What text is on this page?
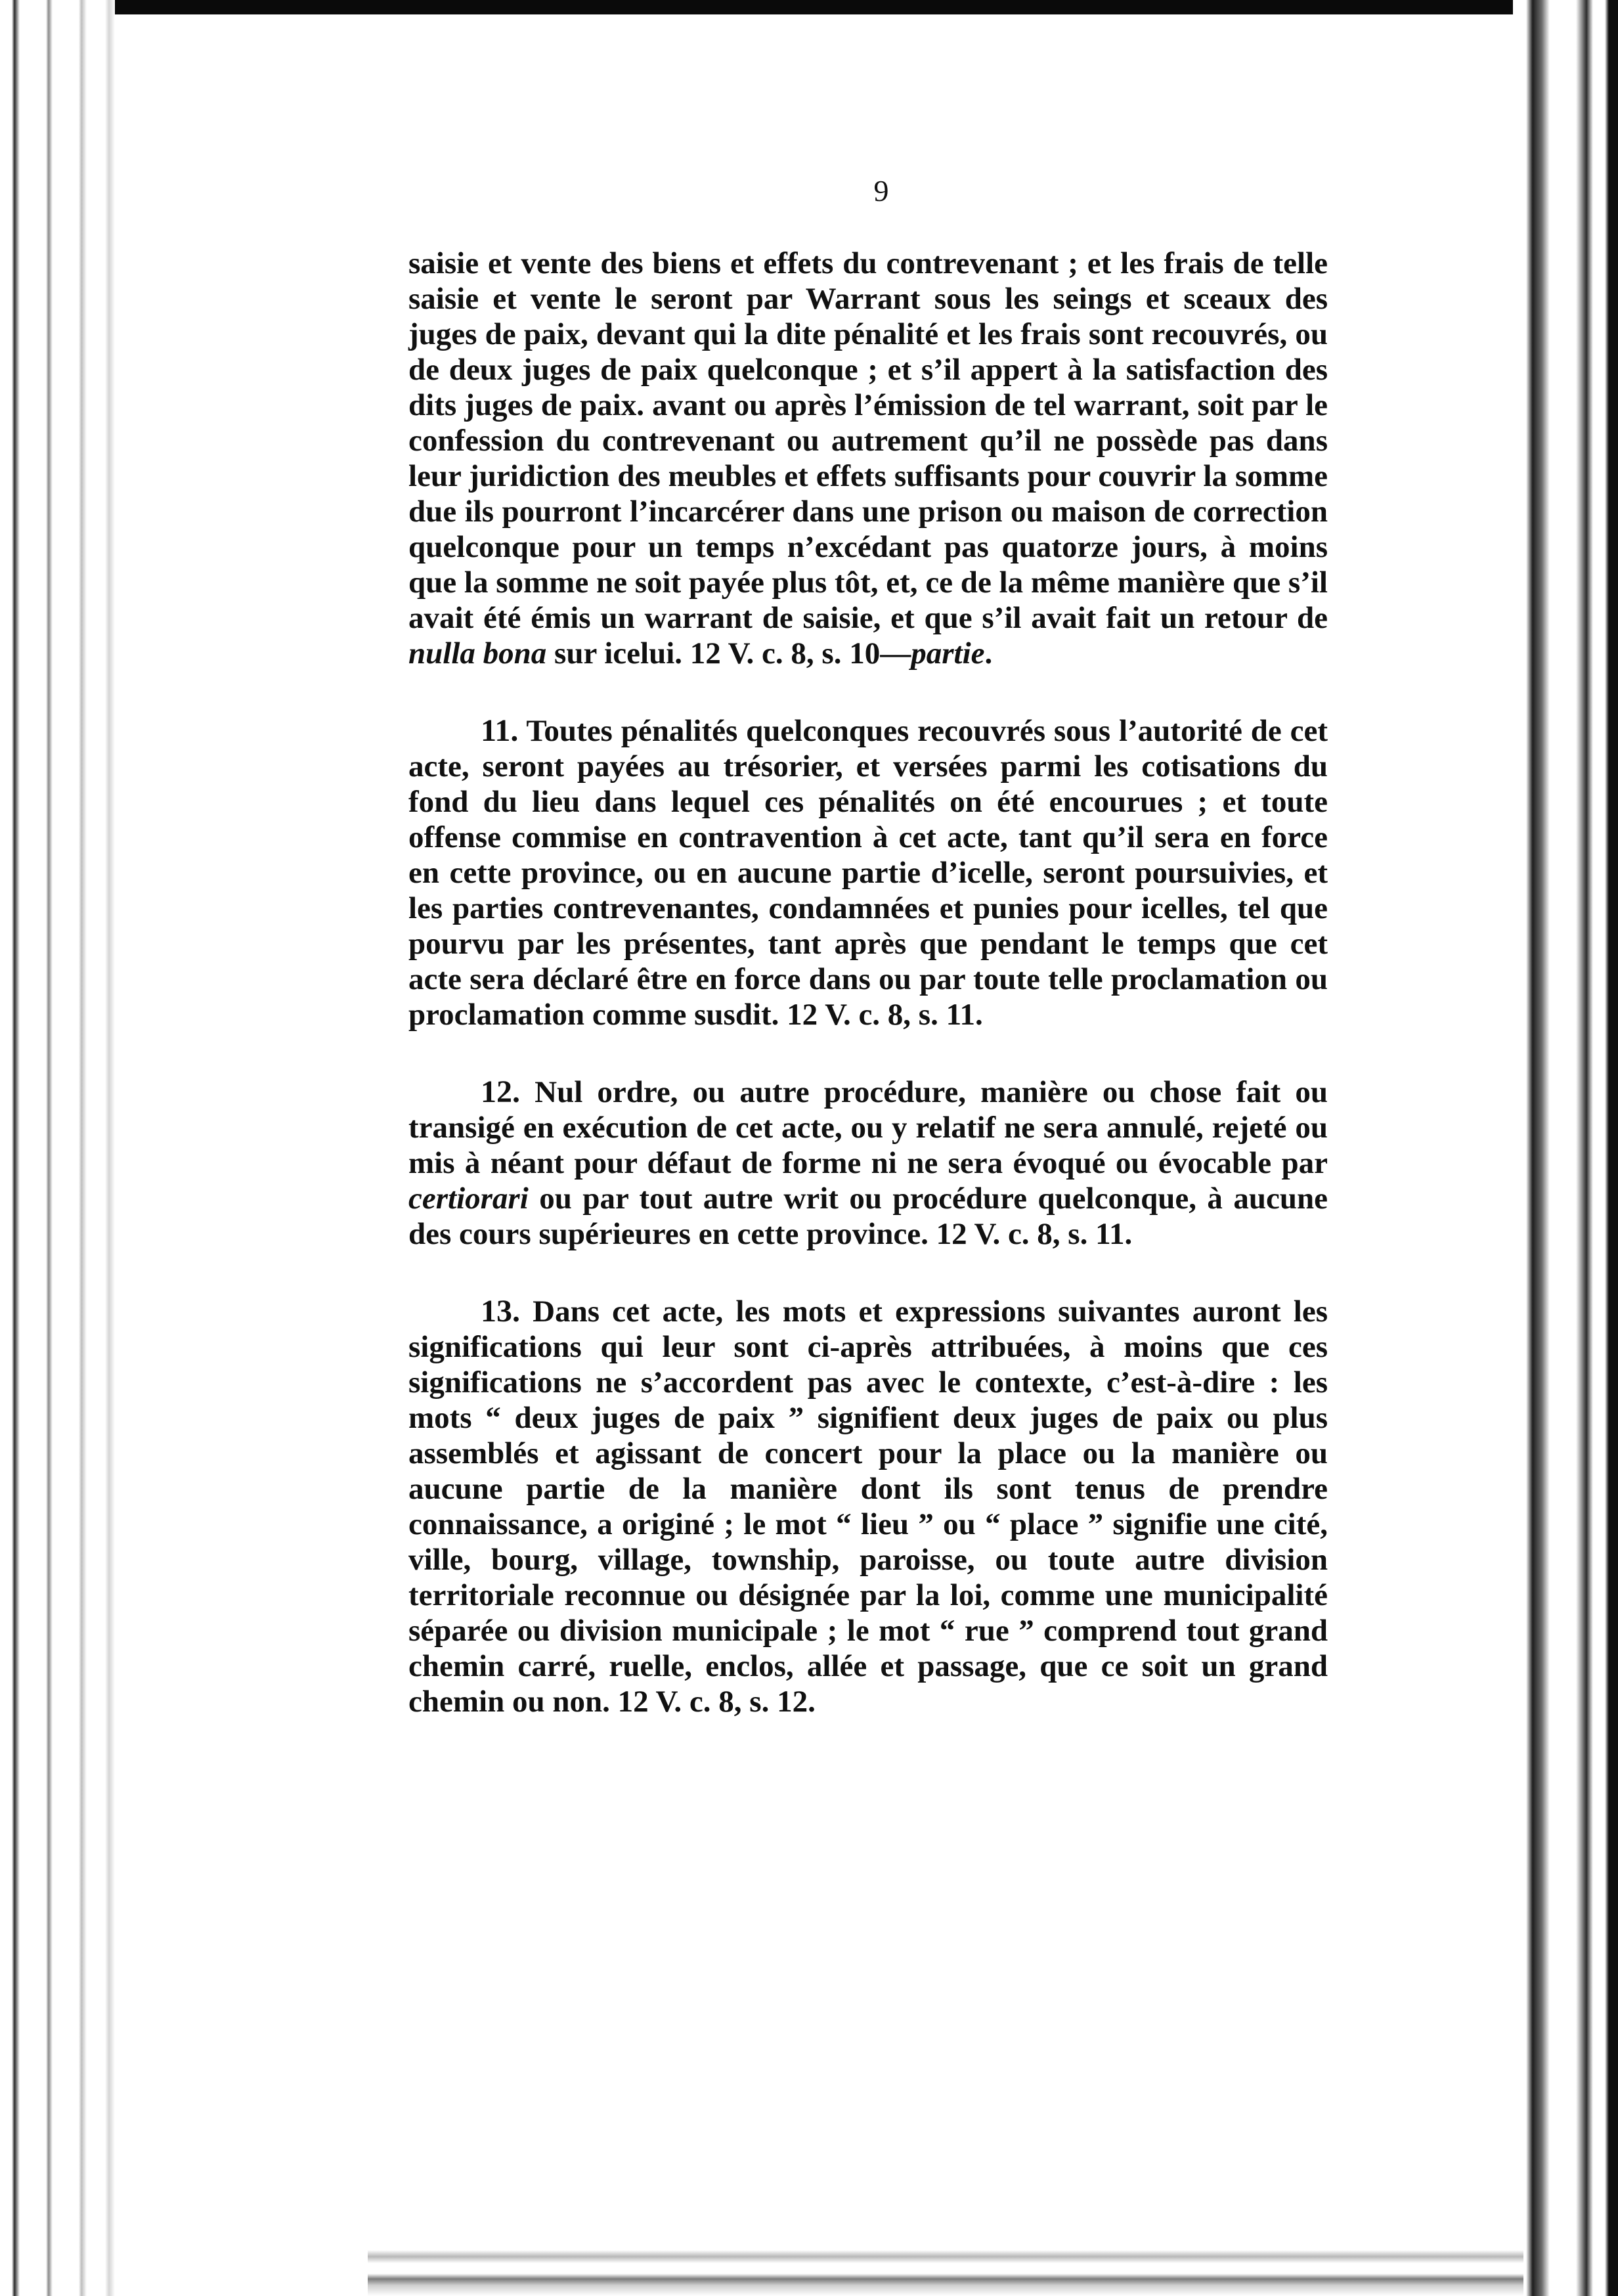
9

saisie et vente des biens et effets du contrevenant ; et les frais de telle saisie et vente le seront par Warrant sous les seings et sceaux des juges de paix, devant qui la dite pénalité et les frais sont recouvrés, ou de deux juges de paix quelconque ; et s’il appert à la satisfaction des dits juges de paix. avant ou après l’émission de tel warrant, soit par le confession du contrevenant ou autrement qu’il ne possède pas dans leur juridiction des meubles et effets suffisants pour couvrir la somme due ils pourront l’incarcérer dans une prison ou maison de correction quelconque pour un temps n’excédant pas quatorze jours, à moins que la somme ne soit payée plus tôt, et, ce de la même manière que s’il avait été émis un warrant de saisie, et que s’il avait fait un retour de nulla bona sur icelui. 12 V. c. 8, s. 10—partie.

11. Toutes pénalités quelconques recouvrés sous l’autorité de cet acte, seront payées au trésorier, et versées parmi les cotisations du fond du lieu dans lequel ces pénalités on été encourues ; et toute offense commise en contravention à cet acte, tant qu’il sera en force en cette province, ou en aucune partie d’icelle, seront poursuivies, et les parties contrevenantes, condamnées et punies pour icelles, tel que pourvu par les présentes, tant après que pendant le temps que cet acte sera déclaré être en force dans ou par toute telle proclamation ou proclamation comme susdit. 12 V. c. 8, s. 11.

12. Nul ordre, ou autre procédure, manière ou chose fait ou transigé en exécution de cet acte, ou y relatif ne sera annulé, rejeté ou mis à néant pour défaut de forme ni ne sera évoqué ou évocable par certiorari ou par tout autre writ ou procédure quelconque, à aucune des cours supérieures en cette province. 12 V. c. 8, s. 11.

13. Dans cet acte, les mots et expressions suivantes auront les significations qui leur sont ci-après attribuées, à moins que ces significations ne s’accordent pas avec le contexte, c’est-à-dire : les mots “ deux juges de paix ” signifient deux juges de paix ou plus assemblés et agissant de concert pour la place ou la manière ou aucune partie de la manière dont ils sont tenus de prendre connaissance, a originé ; le mot “ lieu ” ou “ place ” signifie une cité, ville, bourg, village, township, paroisse, ou toute autre division territoriale reconnue ou désignée par la loi, comme une municipalité séparée ou division municipale ; le mot “ rue ” comprend tout grand chemin carré, ruelle, enclos, allée et passage, que ce soit un grand chemin ou non. 12 V. c. 8, s. 12.
